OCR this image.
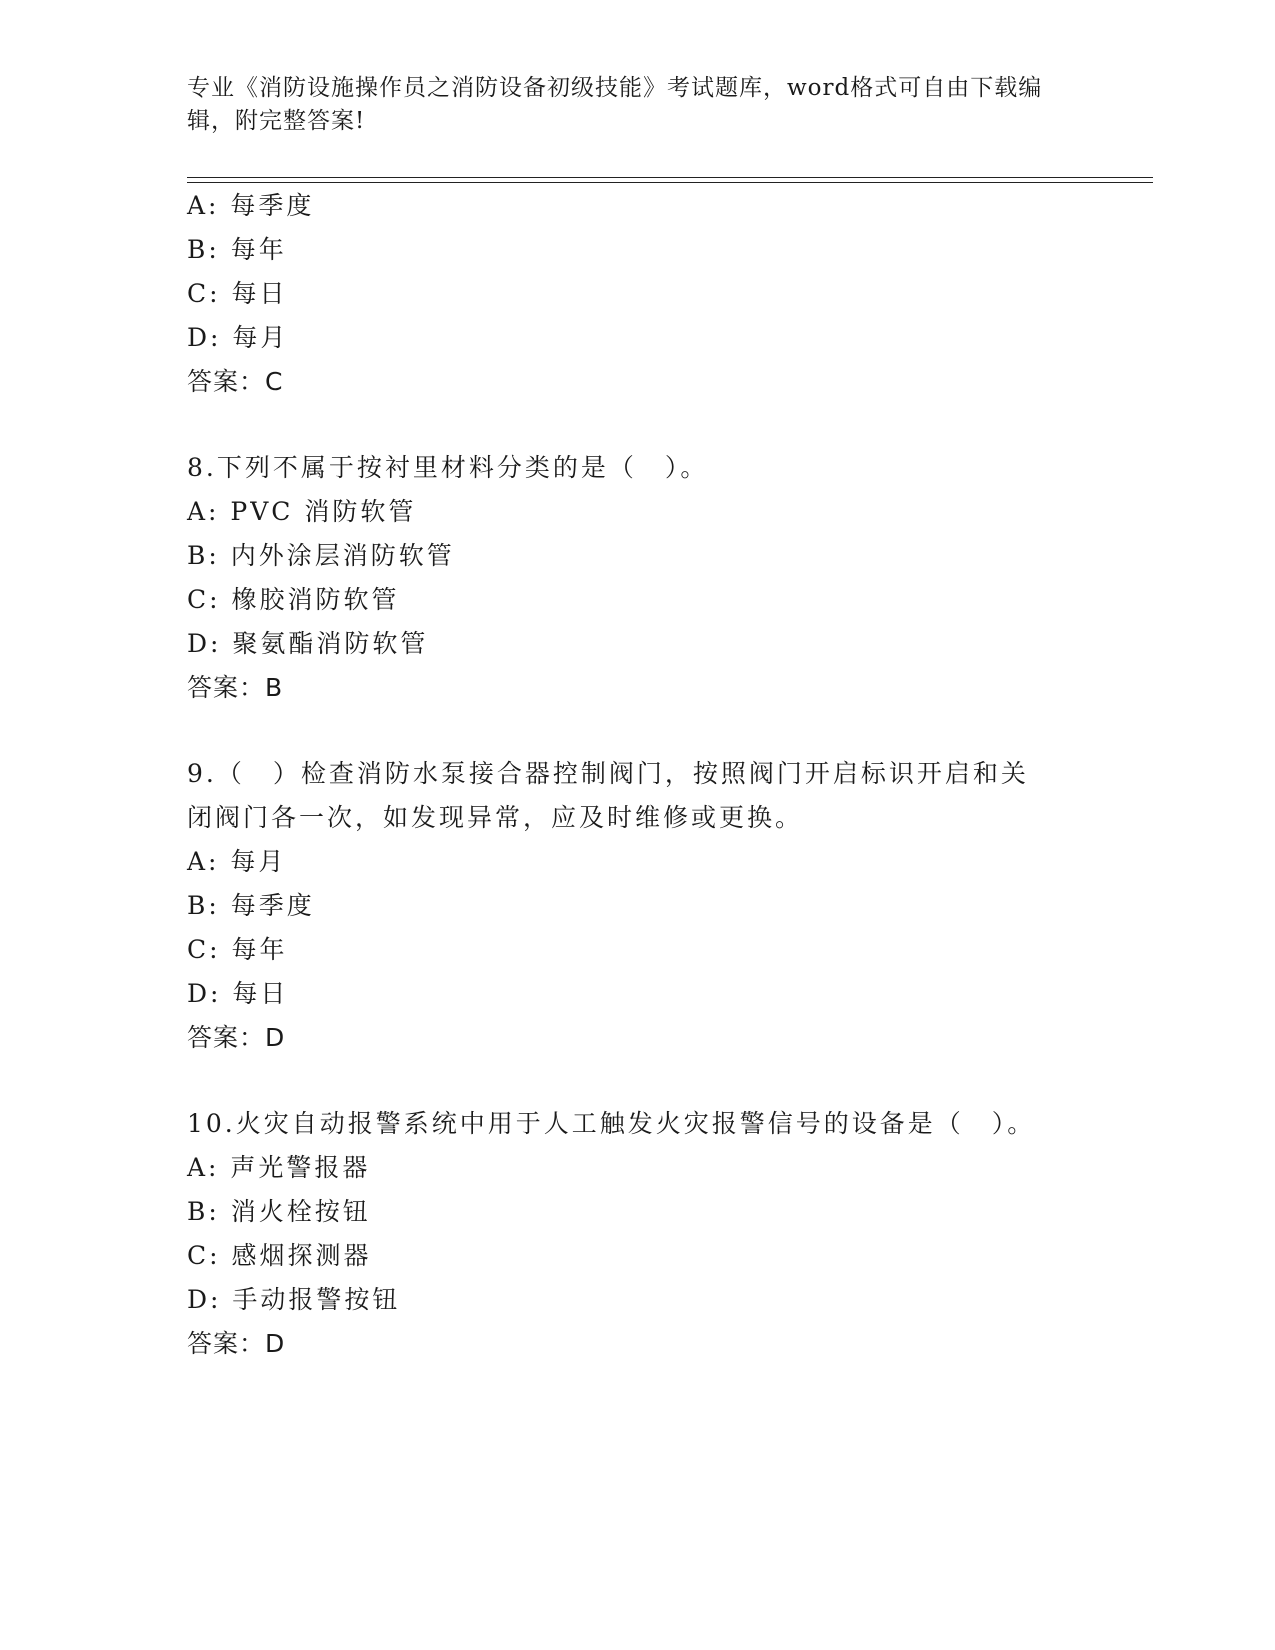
专业《消防设施操作员之消防设备初级技能》考试题库，word格式可自由下载编
辑，附完整答案!
A: 每季度
B: 每年
C: 每日
D: 每月
答案：C
8.下列不属于按衬里材料分类的是（　）。
A: PVC 消防软管
B: 内外涂层消防软管
C: 橡胶消防软管
D: 聚氨酯消防软管
答案：B
9.（　）检查消防水泵接合器控制阀门，按照阀门开启标识开启和关
闭阀门各一次，如发现异常，应及时维修或更换。
A: 每月
B: 每季度
C: 每年
D: 每日
答案：D
10.火灾自动报警系统中用于人工触发火灾报警信号的设备是（　）。
A: 声光警报器
B: 消火栓按钮
C: 感烟探测器
D: 手动报警按钮
答案：D
